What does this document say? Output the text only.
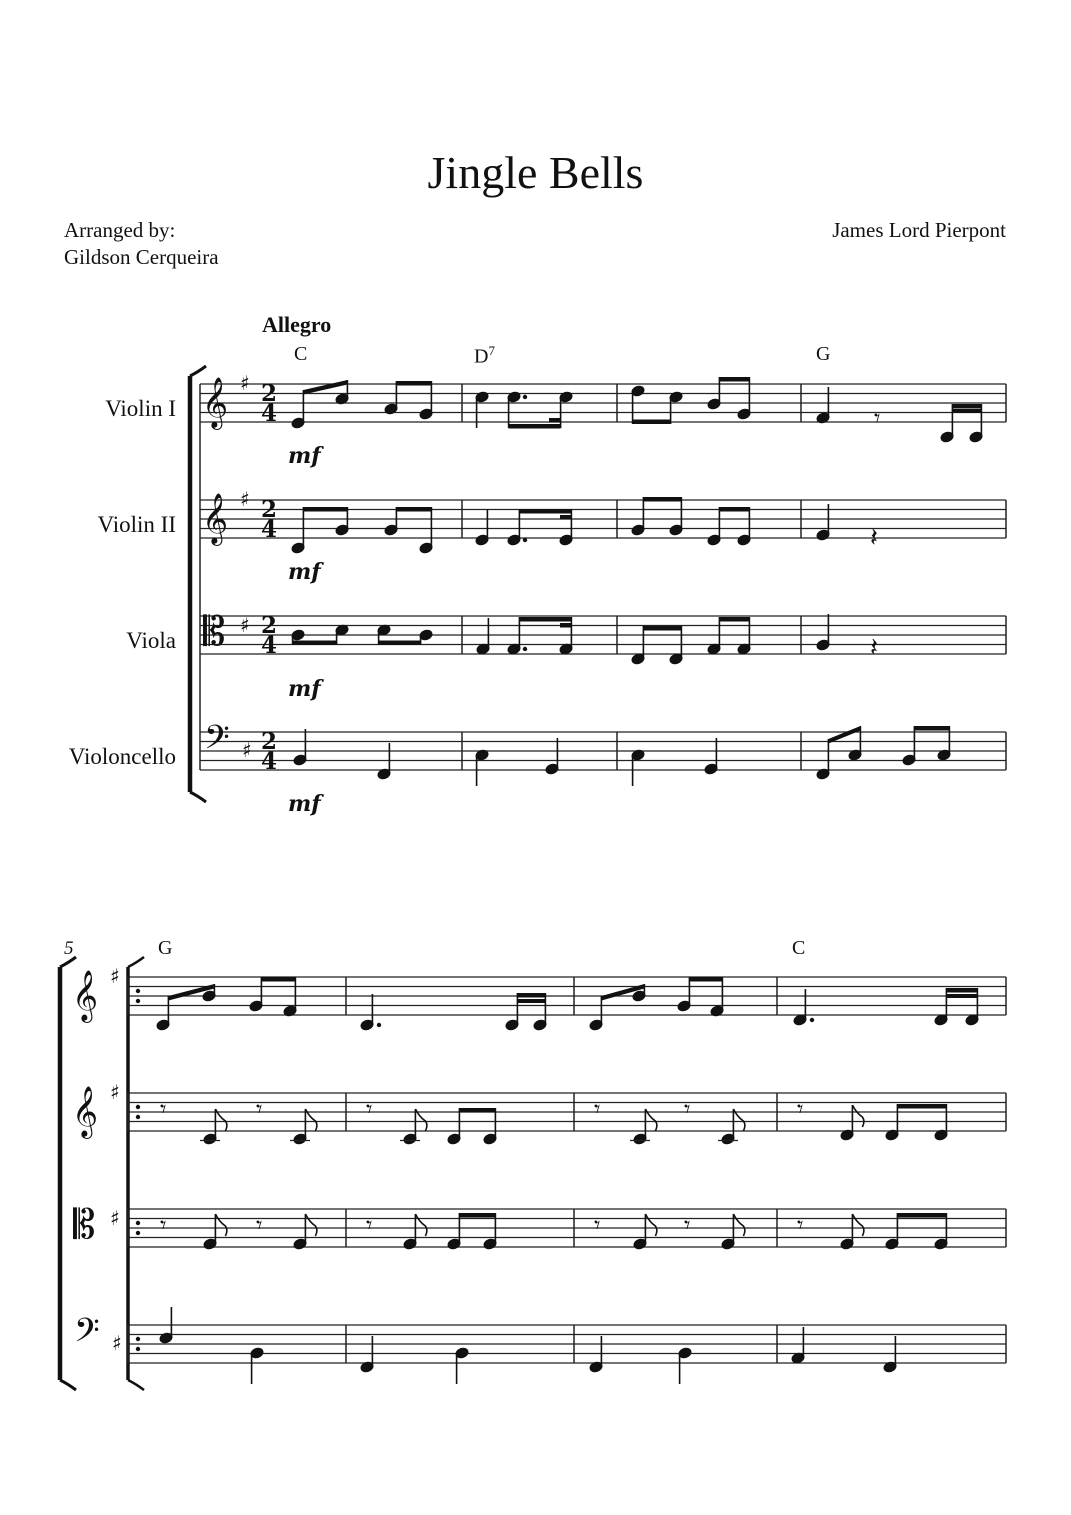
Jingle Bells
Arranged by:
Gildson Cerqueira
James Lord Pierpont
Allegro
Violin I
Violin II
Viola
Violoncello
C	$D^7$	G
5	G	C
𝄞 ♯ 2
4
𝄞 ♯ 2
4
𝄡 ♯ 2
4
𝄢 ♯ 2
4
𝄾
mf
𝄽
mf
𝄽
mf
mf
𝄞 ♯
𝄞 ♯
𝄡 ♯
𝄢 ♯
𝄾	𝄾	𝄾	𝄾	𝄾	𝄾
𝄾	𝄾	𝄾	𝄾	𝄾	𝄾
